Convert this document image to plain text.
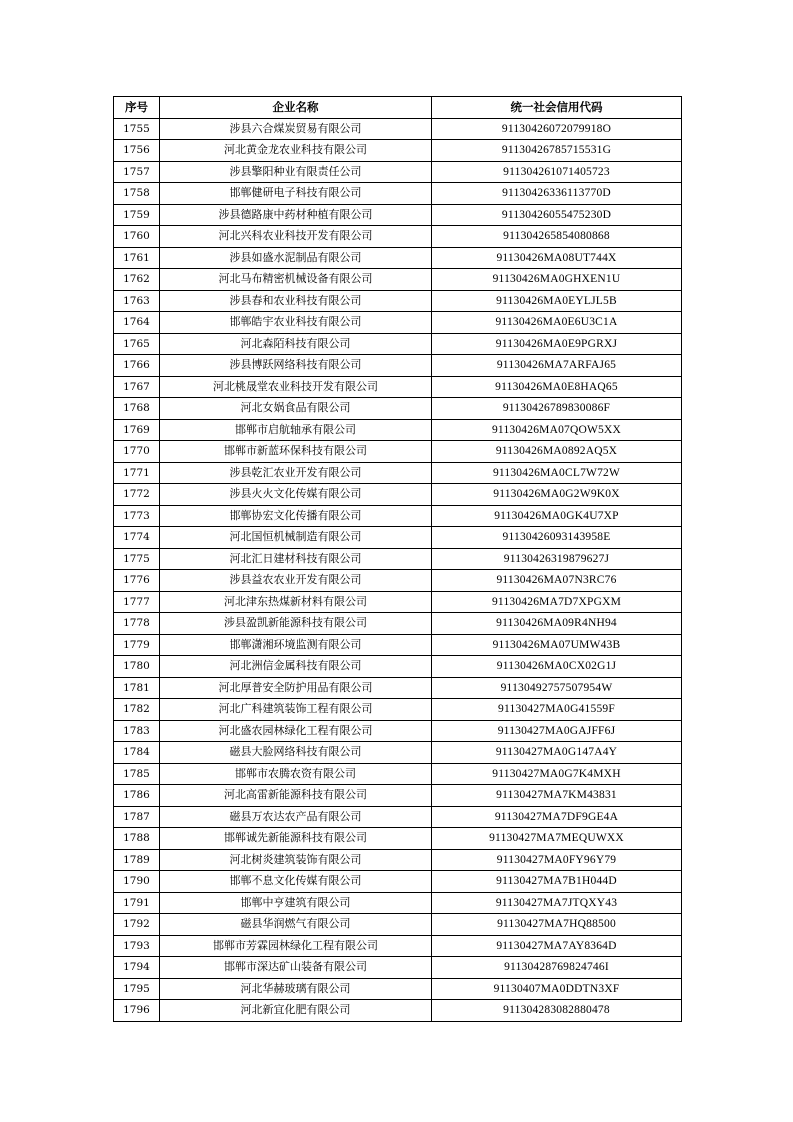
序号	企业名称	统一社会信用代码
1755	涉县六合煤炭贸易有限公司	91130426072079918O
1756	河北黄金龙农业科技有限公司	91130426785715531G
1757	涉县擎阳种业有限责任公司	911304261071405723
1758	邯郸健研电子科技有限公司	91130426336113770D
1759	涉县德路康中药材种植有限公司	91130426055475230D
1760	河北兴科农业科技开发有限公司	911304265854080868
1761	涉县如盛水泥制品有限公司	91130426MA08UT744X
1762	河北马布精密机械设备有限公司	91130426MA0GHXEN1U
1763	涉县春和农业科技有限公司	91130426MA0EYLJL5B
1764	邯郸皓宇农业科技有限公司	91130426MA0E6U3C1A
1765	河北森陌科技有限公司	91130426MA0E9PGRXJ
1766	涉县博跃网络科技有限公司	91130426MA7ARFAJ65
1767	河北桃晟堂农业科技开发有限公司	91130426MA0E8HAQ65
1768	河北女娲食品有限公司	91130426789830086F
1769	邯郸市启航轴承有限公司	91130426MA07QOW5XX
1770	邯郸市新蓝环保科技有限公司	91130426MA0892AQ5X
1771	涉县乾汇农业开发有限公司	91130426MA0CL7W72W
1772	涉县火火文化传媒有限公司	91130426MA0G2W9K0X
1773	邯郸协宏文化传播有限公司	91130426MA0GK4U7XP
1774	河北国恒机械制造有限公司	91130426093143958E
1775	河北汇日建材科技有限公司	91130426319879627J
1776	涉县益农农业开发有限公司	91130426MA07N3RC76
1777	河北津东热煤新材料有限公司	91130426MA7D7XPGXM
1778	涉县盈凯新能源科技有限公司	91130426MA09R4NH94
1779	邯郸潇湘环境监测有限公司	91130426MA07UMW43B
1780	河北洲信金属科技有限公司	91130426MA0CX02G1J
1781	河北厚普安全防护用品有限公司	91130492757507954W
1782	河北广科建筑装饰工程有限公司	91130427MA0G41559F
1783	河北盛农园林绿化工程有限公司	91130427MA0GAJFF6J
1784	磁县大脸网络科技有限公司	91130427MA0G147A4Y
1785	邯郸市农腾农资有限公司	91130427MA0G7K4MXH
1786	河北高雷新能源科技有限公司	91130427MA7KM43831
1787	磁县万农达农产品有限公司	91130427MA7DF9GE4A
1788	邯郸诚先新能源科技有限公司	91130427MA7MEQUWXX
1789	河北树炎建筑装饰有限公司	91130427MA0FY96Y79
1790	邯郸不息文化传媒有限公司	91130427MA7B1H044D
1791	邯郸中亨建筑有限公司	91130427MA7JTQXY43
1792	磁县华润燃气有限公司	91130427MA7HQ88500
1793	邯郸市芳霖园林绿化工程有限公司	91130427MA7AY8364D
1794	邯郸市深达矿山装备有限公司	91130428769824746I
1795	河北华赫玻璃有限公司	91130407MA0DDTN3XF
1796	河北新宜化肥有限公司	911304283082880478
